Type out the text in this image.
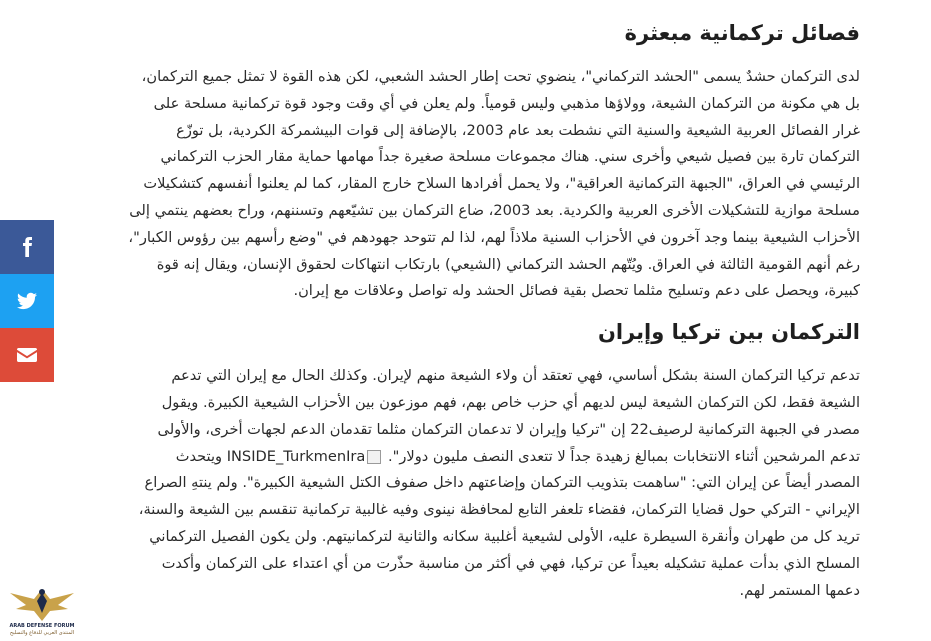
فصائل تركمانية مبعثرة

لدى التركمان حشدٌ يسمى "الحشد التركماني"، ينضوي تحت إطار الحشد الشعبي، لكن هذه القوة لا تمثل جميع التركمان، بل هي مكونة من التركمان الشيعة، وولاؤها مذهبي وليس قومياً. ولم يعلن في أي وقت وجود قوة تركمانية مسلحة على غرار الفصائل العربية الشيعية والسنية التي نشطت بعد عام 2003، بالإضافة إلى قوات البيشمركة الكردية، بل توزّع التركمان تارة بين فصيل شيعي وأخرى سني. هناك مجموعات مسلحة صغيرة جداً مهامها حماية مقار الحزب التركماني الرئيسي في العراق، "الجبهة التركمانية العراقية"، ولا يحمل أفرادها السلاح خارج المقار، كما لم يعلنوا أنفسهم كتشكيلات مسلحة موازية للتشكيلات الأخرى العربية والكردية. بعد 2003، ضاع التركمان بين تشيّعهم وتسننهم، وراح بعضهم ينتمي إلى الأحزاب الشيعية بينما وجد آخرون في الأحزاب السنية ملاذاً لهم، لذا لم تتوحد جهودهم في "وضع رأسهم بين رؤوس الكبار"، رغم أنهم القومية الثالثة في العراق. ويُتّهم الحشد التركماني (الشيعي) بارتكاب انتهاكات لحقوق الإنسان، ويقال إنه قوة كبيرة، ويحصل على دعم وتسليح مثلما تحصل بقية فصائل الحشد وله تواصل وعلاقات مع إيران.

التركمان بين تركيا وإيران

تدعم تركيا التركمان السنة بشكل أساسي، فهي تعتقد أن ولاء الشيعة منهم لإيران. وكذلك الحال مع إيران التي تدعم الشيعة فقط، لكن التركمان الشيعة ليس لديهم أي حزب خاص بهم، فهم موزعون بين الأحزاب الشيعية الكبيرة. ويقول مصدر في الجبهة التركمانية لرصيف22 إن "تركيا وإيران لا تدعمان التركمان مثلما تقدمان الدعم لجهات أخرى، والأولى تدعم المرشحين أثناء الانتخابات بمبالغ زهيدة جداً لا تتعدى النصف مليون دولار". INSIDE_TurkmenIra ويتحدث المصدر أيضاً عن إيران التي: "ساهمت بتذويب التركمان وإضاعتهم داخل صفوف الكتل الشيعية الكبيرة". ولم ينتهِ الصراع الإيراني - التركي حول قضايا التركمان، فقضاء تلعفر التابع لمحافظة نينوى وفيه غالبية تركمانية تنقسم بين الشيعة والسنة، تريد كل من طهران وأنقرة السيطرة عليه، الأولى لشيعية أغلبية سكانه والثانية لتركمانيتهم. ولن يكون الفصيل التركماني المسلح الذي بدأت عملية تشكيله بعيداً عن تركيا، فهي في أكثر من مناسبة حذّرت من أي اعتداء على التركمان وأكدت دعمها المستمر لهم.

ARAB DEFENSE FORUM
المنتدى العربي للدفاع والتسليح
